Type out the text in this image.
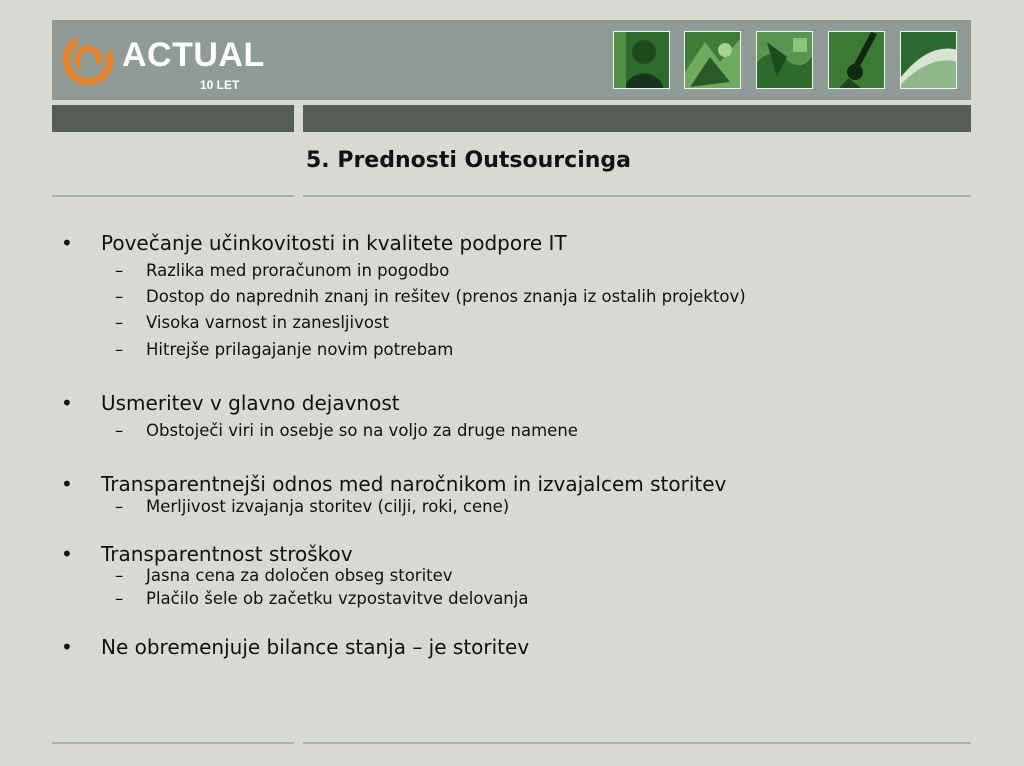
ACTUAL
10 LET
5. Prednosti Outsourcinga
• Povečanje učinkovitosti in kvalitete podpore IT
– Razlika med proračunom in pogodbo
– Dostop do naprednih znanj in rešitev (prenos znanja iz ostalih projektov)
– Visoka varnost in zanesljivost
– Hitrejše prilagajanje novim potrebam
• Usmeritev v glavno dejavnost
– Obstoječi viri in osebje so na voljo za druge namene
• Transparentnejši odnos med naročnikom in izvajalcem storitev
– Merljivost izvajanja storitev (cilji, roki, cene)
• Transparentnost stroškov
– Jasna cena za določen obseg storitev
– Plačilo šele ob začetku vzpostavitve delovanja
• Ne obremenjuje bilance stanja – je storitev
